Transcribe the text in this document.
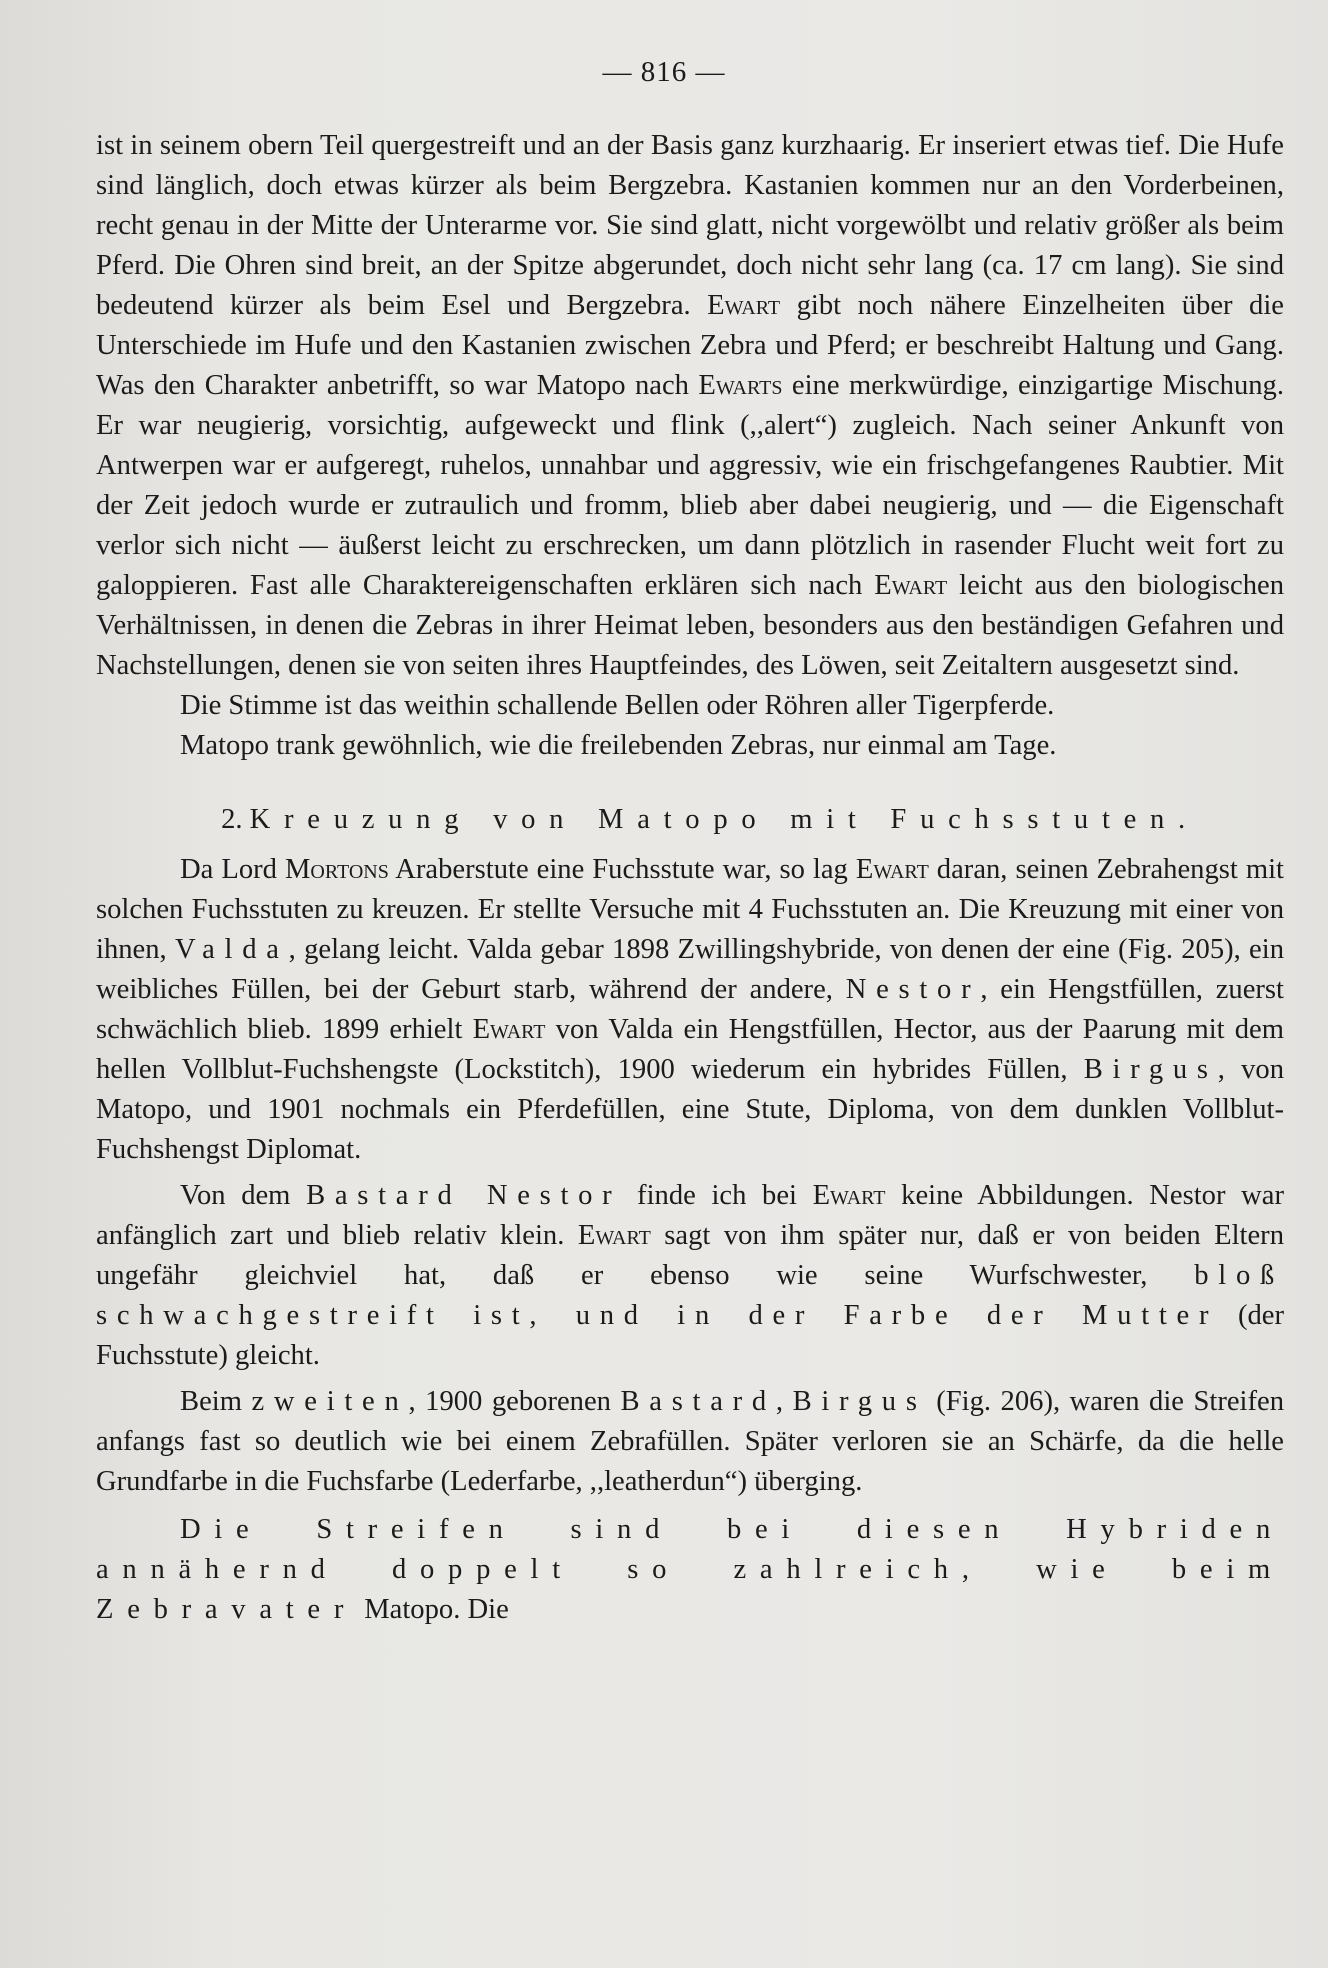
— 816 —

ist in seinem obern Teil quergestreift und an der Basis ganz kurzhaarig. Er inseriert etwas tief. Die Hufe sind länglich, doch etwas kürzer als beim Bergzebra. Kastanien kommen nur an den Vorderbeinen, recht genau in der Mitte der Unterarme vor. Sie sind glatt, nicht vorgewölbt und relativ größer als beim Pferd. Die Ohren sind breit, an der Spitze abgerundet, doch nicht sehr lang (ca. 17 cm lang). Sie sind bedeutend kürzer als beim Esel und Bergzebra. Ewart gibt noch nähere Einzelheiten über die Unterschiede im Hufe und den Kastanien zwischen Zebra und Pferd; er beschreibt Haltung und Gang. Was den Charakter anbetrifft, so war Matopo nach Ewarts eine merkwürdige, einzigartige Mischung. Er war neugierig, vorsichtig, aufgeweckt und flink (,,alert“) zugleich. Nach seiner Ankunft von Antwerpen war er aufgeregt, ruhelos, unnahbar und aggressiv, wie ein frischgefangenes Raubtier. Mit der Zeit jedoch wurde er zutraulich und fromm, blieb aber dabei neugierig, und — die Eigenschaft verlor sich nicht — äußerst leicht zu erschrecken, um dann plötzlich in rasender Flucht weit fort zu galoppieren. Fast alle Charaktereigenschaften erklären sich nach Ewart leicht aus den biologischen Verhältnissen, in denen die Zebras in ihrer Heimat leben, besonders aus den beständigen Gefahren und Nachstellungen, denen sie von seiten ihres Hauptfeindes, des Löwen, seit Zeitaltern ausgesetzt sind.

Die Stimme ist das weithin schallende Bellen oder Röhren aller Tigerpferde.

Matopo trank gewöhnlich, wie die freilebenden Zebras, nur einmal am Tage.

2. Kreuzung von Matopo mit Fuchsstuten.

Da Lord Mortons Araberstute eine Fuchsstute war, so lag Ewart daran, seinen Zebrahengst mit solchen Fuchsstuten zu kreuzen. Er stellte Versuche mit 4 Fuchsstuten an. Die Kreuzung mit einer von ihnen, Valda, gelang leicht. Valda gebar 1898 Zwillingshybride, von denen der eine (Fig. 205), ein weibliches Füllen, bei der Geburt starb, während der andere, Nestor, ein Hengstfüllen, zuerst schwächlich blieb. 1899 erhielt Ewart von Valda ein Hengstfüllen, Hector, aus der Paarung mit dem hellen Vollblut-Fuchshengste (Lockstitch), 1900 wiederum ein hybrides Füllen, Birgus, von Matopo, und 1901 nochmals ein Pferdefüllen, eine Stute, Diploma, von dem dunklen Vollblut-Fuchshengst Diplomat.

Von dem Bastard Nestor finde ich bei Ewart keine Abbildungen. Nestor war anfänglich zart und blieb relativ klein. Ewart sagt von ihm später nur, daß er von beiden Eltern ungefähr gleichviel hat, daß er ebenso wie seine Wurfschwester, bloß schwachgestreift ist, und in der Farbe der Mutter (der Fuchsstute) gleicht.

Beim zweiten, 1900 geborenen Bastard, Birgus (Fig. 206), waren die Streifen anfangs fast so deutlich wie bei einem Zebrafüllen. Später verloren sie an Schärfe, da die helle Grundfarbe in die Fuchsfarbe (Lederfarbe, ,,leatherdun“) überging.

Die Streifen sind bei diesen Hybriden annähernd doppelt so zahlreich, wie beim Zebravater Matopo. Die
